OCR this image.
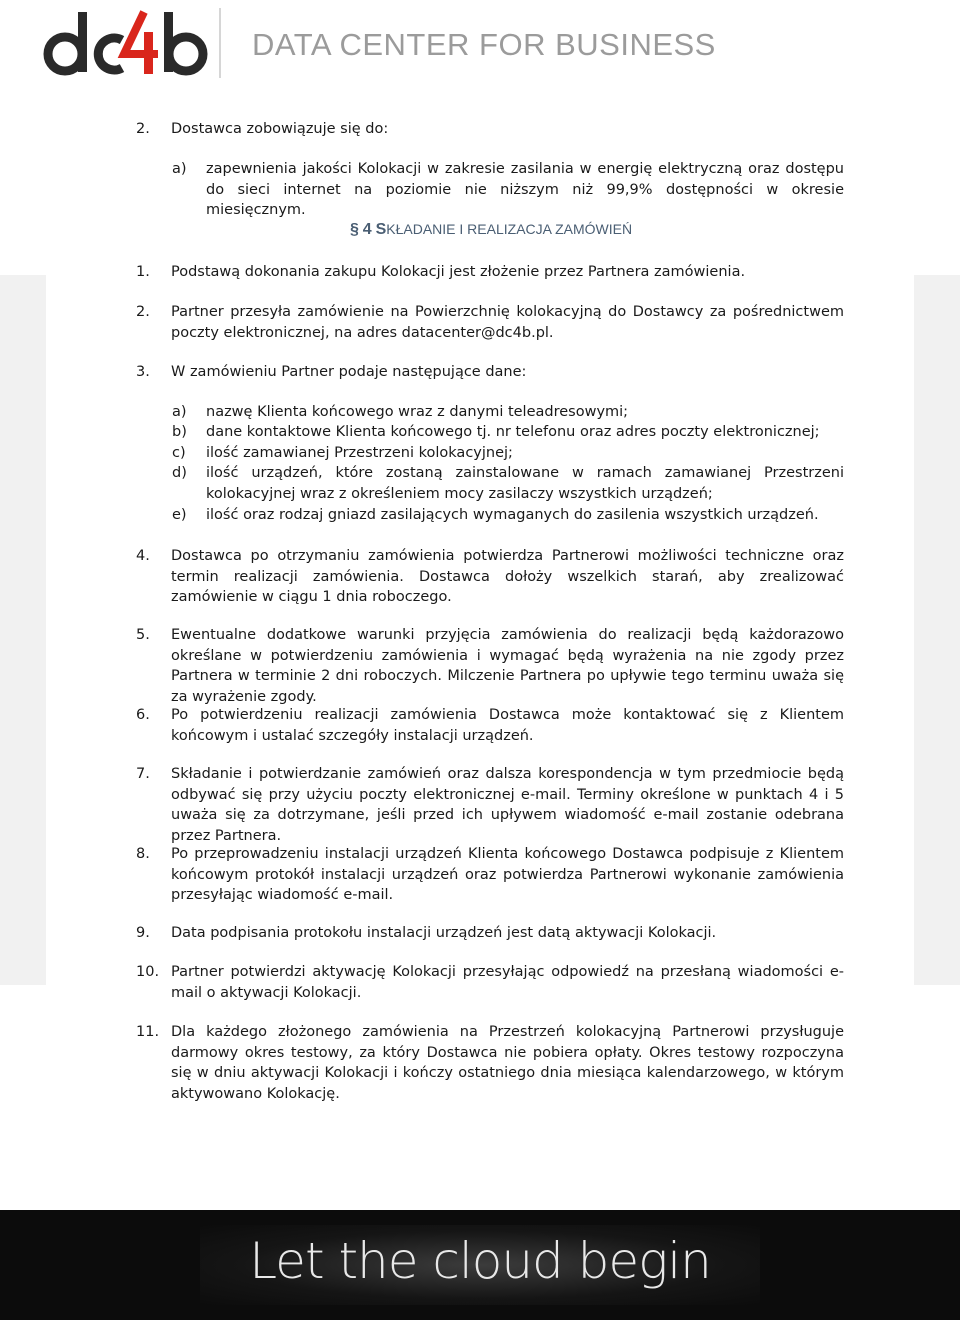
DATA CENTER FOR BUSINESS
2. Dostawca zobowiązuje się do:
a) zapewnienia jakości Kolokacji w zakresie zasilania w energię elektryczną oraz dostępu do sieci internet na poziomie nie niższym niż 99,9% dostępności w okresie miesięcznym.
§ 4 SKŁADANIE I REALIZACJA ZAMÓWIEŃ
1. Podstawą dokonania zakupu Kolokacji jest złożenie przez Partnera zamówienia.
2. Partner przesyła zamówienie na Powierzchnię kolokacyjną do Dostawcy za pośrednictwem poczty elektronicznej, na adres datacenter@dc4b.pl.
3. W zamówieniu Partner podaje następujące dane:
a) nazwę Klienta końcowego wraz z danymi teleadresowymi;
b) dane kontaktowe Klienta końcowego tj. nr telefonu oraz adres poczty elektronicznej;
c) ilość zamawianej Przestrzeni kolokacyjnej;
d) ilość urządzeń, które zostaną zainstalowane w ramach zamawianej Przestrzeni kolokacyjnej wraz z określeniem mocy zasilaczy wszystkich urządzeń;
e) ilość oraz rodzaj gniazd zasilających wymaganych do zasilenia wszystkich urządzeń.
4. Dostawca po otrzymaniu zamówienia potwierdza Partnerowi możliwości techniczne oraz termin realizacji zamówienia. Dostawca dołoży wszelkich starań, aby zrealizować zamówienie w ciągu 1 dnia roboczego.
5. Ewentualne dodatkowe warunki przyjęcia zamówienia do realizacji będą każdorazowo określane w potwierdzeniu zamówienia i wymagać będą wyrażenia na nie zgody przez Partnera w terminie 2 dni roboczych. Milczenie Partnera po upływie tego terminu uważa się za wyrażenie zgody.
6. Po potwierdzeniu realizacji zamówienia Dostawca może kontaktować się z Klientem końcowym i ustalać szczegóły instalacji urządzeń.
7. Składanie i potwierdzanie zamówień oraz dalsza korespondencja w tym przedmiocie będą odbywać się przy użyciu poczty elektronicznej e-mail. Terminy określone w punktach 4 i 5 uważa się za dotrzymane, jeśli przed ich upływem wiadomość e-mail zostanie odebrana przez Partnera.
8. Po przeprowadzeniu instalacji urządzeń Klienta końcowego Dostawca podpisuje z Klientem końcowym protokół instalacji urządzeń oraz potwierdza Partnerowi wykonanie zamówienia przesyłając wiadomość e-mail.
9. Data podpisania protokołu instalacji urządzeń jest datą aktywacji Kolokacji.
10. Partner potwierdzi aktywację Kolokacji przesyłając odpowiedź na przesłaną wiadomości e-mail o aktywacji Kolokacji.
11. Dla każdego złożonego zamówienia na Przestrzeń kolokacyjną Partnerowi przysługuje darmowy okres testowy, za który Dostawca nie pobiera opłaty. Okres testowy rozpoczyna się w dniu aktywacji Kolokacji i kończy ostatniego dnia miesiąca kalendarzowego, w którym aktywowano Kolokację.
Let the cloud begin
